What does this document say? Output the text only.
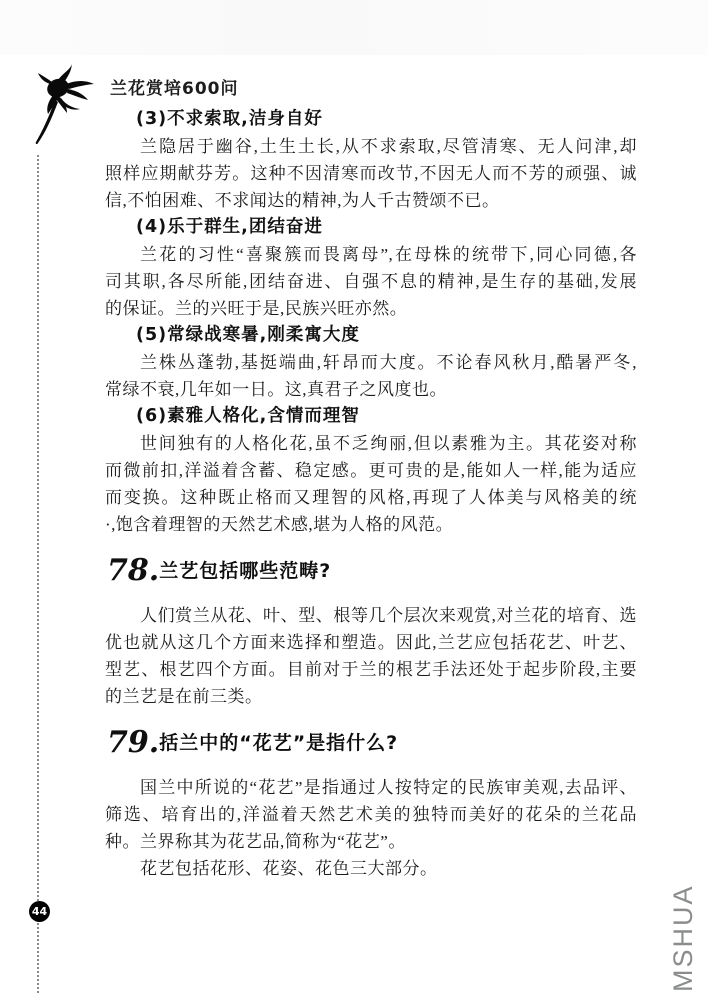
兰花赏培600问
(3)不求索取,洁身自好
兰隐居于幽谷,土生土长,从不求索取,尽管清寒、无人问津,却
照样应期献芬芳。这种不因清寒而改节,不因无人而不芳的顽强、诚
信,不怕困难、不求闻达的精神,为人千古赞颂不已。
(4)乐于群生,团结奋进
兰花的习性“喜聚簇而畏离母”,在母株的统带下,同心同德,各
司其职,各尽所能,团结奋进、自强不息的精神,是生存的基础,发展
的保证。兰的兴旺于是,民族兴旺亦然。
(5)常绿战寒暑,刚柔寓大度
兰株丛蓬勃,基挺端曲,轩昂而大度。不论春风秋月,酷暑严冬,
常绿不衰,几年如一日。这,真君子之风度也。
(6)素雅人格化,含情而理智
世间独有的人格化花,虽不乏绚丽,但以素雅为主。其花姿对称
而微前扣,洋溢着含蓄、稳定感。更可贵的是,能如人一样,能为适应
而变换。这种既止格而又理智的风格,再现了人体美与风格美的统
·,饱含着理智的天然艺术感,堪为人格的风范。
78. 兰艺包括哪些范畴?
人们赏兰从花、叶、型、根等几个层次来观赏,对兰花的培育、选
优也就从这几个方面来选择和塑造。因此,兰艺应包括花艺、叶艺、
型艺、根艺四个方面。目前对于兰的根艺手法还处于起步阶段,主要
的兰艺是在前三类。
79. 括兰中的“花艺”是指什么?
国兰中所说的“花艺”是指通过人按特定的民族审美观,去品评、
筛选、培育出的,洋溢着天然艺术美的独特而美好的花朵的兰花品
种。兰界称其为花艺品,简称为“花艺”。
花艺包括花形、花姿、花色三大部分。
44	MSHUA
